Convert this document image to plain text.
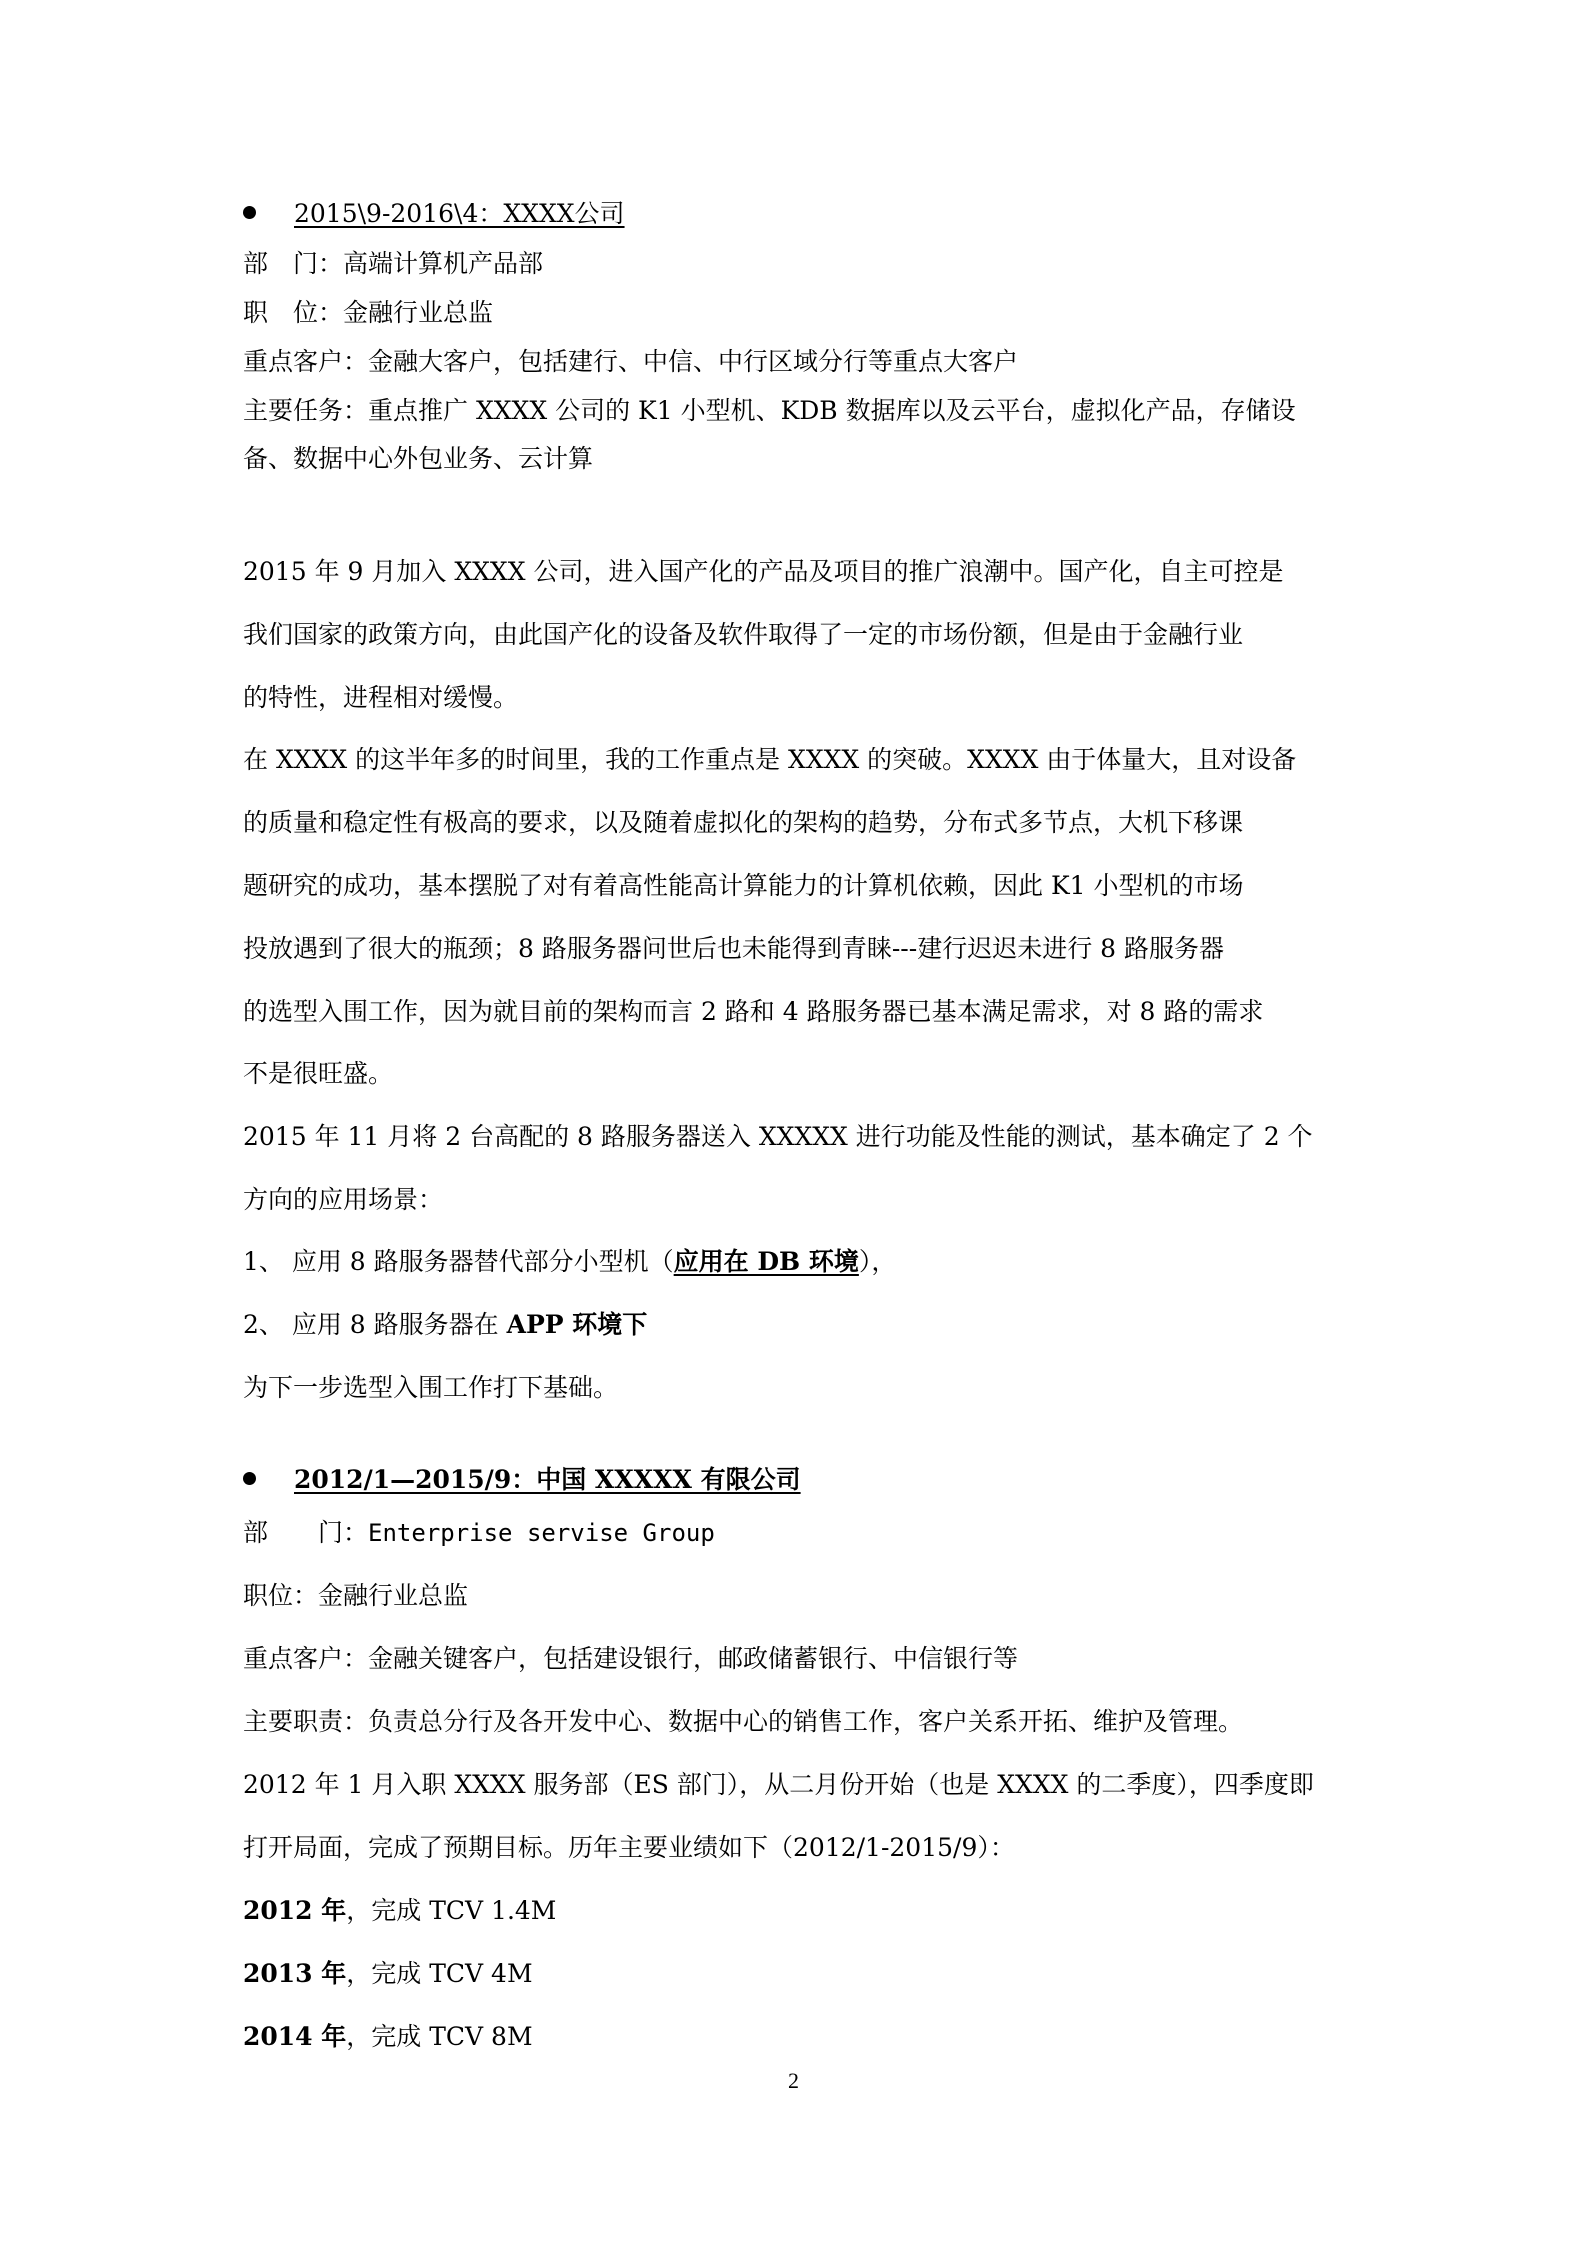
2015\9-2016\4：XXXX公司

部　门：高端计算机产品部

职　位：金融行业总监

重点客户：金融大客户，包括建行、中信、中行区域分行等重点大客户

主要任务：重点推广 XXXX 公司的 K1 小型机、KDB 数据库以及云平台，虚拟化产品，存储设

备、数据中心外包业务、云计算

2015 年 9 月加入 XXXX 公司，进入国产化的产品及项目的推广浪潮中。国产化，自主可控是

我们国家的政策方向，由此国产化的设备及软件取得了一定的市场份额，但是由于金融行业

的特性，进程相对缓慢。

在 XXXX 的这半年多的时间里，我的工作重点是 XXXX 的突破。XXXX 由于体量大，且对设备

的质量和稳定性有极高的要求，以及随着虚拟化的架构的趋势，分布式多节点，大机下移课

题研究的成功，基本摆脱了对有着高性能高计算能力的计算机依赖，因此 K1 小型机的市场

投放遇到了很大的瓶颈；8 路服务器问世后也未能得到青睐---建行迟迟未进行 8 路服务器

的选型入围工作，因为就目前的架构而言 2 路和 4 路服务器已基本满足需求，对 8 路的需求

不是很旺盛。

2015 年 11 月将 2 台高配的 8 路服务器送入 XXXXX 进行功能及性能的测试，基本确定了 2 个

方向的应用场景：

1、 应用 8 路服务器替代部分小型机（应用在 DB 环境），

2、 应用 8 路服务器在 APP 环境下

为下一步选型入围工作打下基础。

2012/1—2015/9：中国 XXXXX 有限公司

部　　门：Enterprise servise Group

职位：金融行业总监

重点客户：金融关键客户，包括建设银行，邮政储蓄银行、中信银行等

主要职责：负责总分行及各开发中心、数据中心的销售工作，客户关系开拓、维护及管理。

2012 年 1 月入职 XXXX 服务部（ES 部门），从二月份开始（也是 XXXX 的二季度），四季度即

打开局面，完成了预期目标。历年主要业绩如下（2012/1-2015/9）：

2012 年，完成 TCV 1.4M

2013 年，完成 TCV 4M

2014 年，完成 TCV 8M

2
